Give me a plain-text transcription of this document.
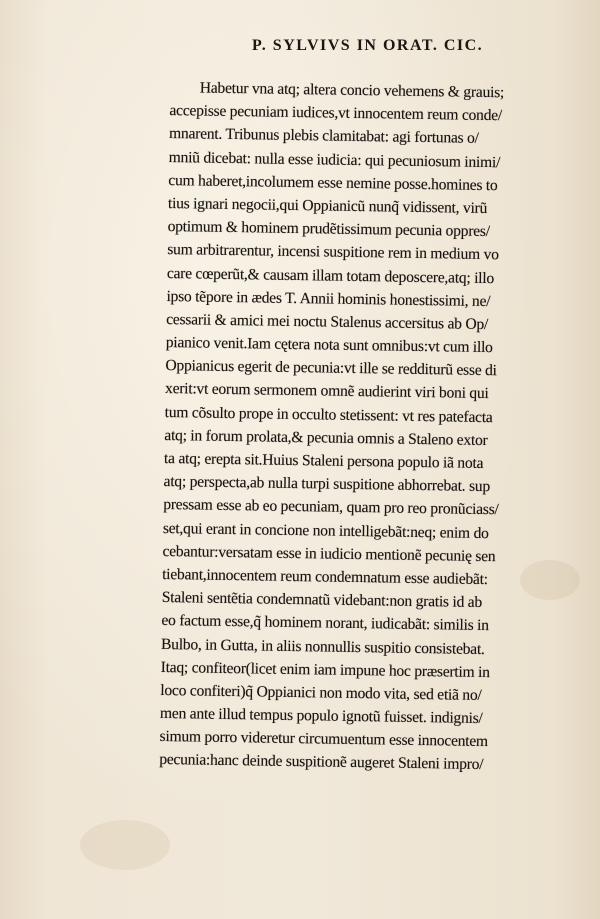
P. SYLVIVS IN ORAT. CIC.
Habetur vna atq; altera concio vehemens & grauis;
accepisse pecuniam iudices,vt innocentem reum conde/
mnarent. Tribunus plebis clamitabat: agi fortunas o/
mniũ dicebat: nulla esse iudicia: qui pecuniosum inimi/
cum haberet,incolumem esse nemine posse.homines to
tius ignari negocii,qui Oppianicũ nunq̃ vidissent, virũ
optimum & hominem prudẽtissimum pecunia oppres/
sum arbitrarentur, incensi suspitione rem in medium vo
care cœperũt,& causam illam totam deposcere,atq; illo
ipso tẽpore in ædes T. Annii hominis honestissimi, ne/
cessarii & amici mei noctu Stalenus accersitus ab Op/
pianico venit.Iam cętera nota sunt omnibus:vt cum illo
Oppianicus egerit de pecunia:vt ille se redditurũ esse di
xerit:vt eorum sermonem omnẽ audierint viri boni qui
tum cõsulto prope in occulto stetissent: vt res patefacta
atq; in forum prolata,& pecunia omnis a Staleno extor
ta atq; erepta sit.Huius Staleni persona populo iã nota
atq; perspecta,ab nulla turpi suspitione abhorrebat. sup
pressam esse ab eo pecuniam, quam pro reo pronũciass/
set,qui erant in concione non intelligebãt:neq; enim do
cebantur:versatam esse in iudicio mentionẽ pecunię sen
tiebant,innocentem reum condemnatum esse audiebãt:
Staleni sentẽtia condemnatũ videbant:non gratis id ab
eo factum esse,q̃ hominem norant, iudicabãt: similis in
Bulbo, in Gutta, in aliis nonnullis suspitio consistebat.
Itaq; confiteor(licet enim iam impune hoc præsertim in
loco confiteri)q̃ Oppianici non modo vita, sed etiã no/
men ante illud tempus populo ignotũ fuisset. indignis/
simum porro videretur circumuentum esse innocentem
pecunia:hanc deinde suspitionẽ augeret Staleni impro/
